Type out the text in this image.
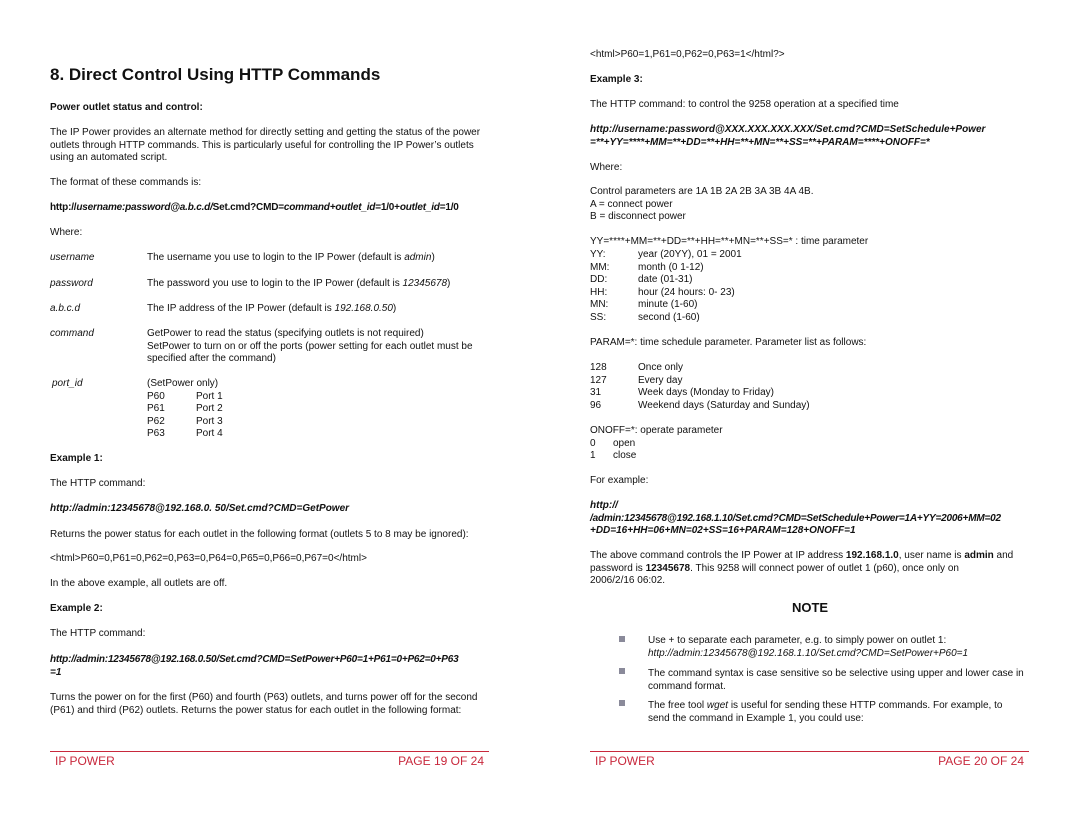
8. Direct Control Using HTTP Commands
Power outlet status and control:
The IP Power provides an alternate method for directly setting and getting the status of the power
outlets through HTTP commands. This is particularly useful for controlling the IP Power’s outlets
using an automated script.
The format of these commands is:
http://username:password@a.b.c.d/Set.cmd?CMD=command+outlet_id=1/0+outlet_id=1/0
Where:
username	The username you use to login to the IP Power (default is admin)
password	The password you use to login to the IP Power (default is 12345678)
a.b.c.d	The IP address of the IP Power (default is 192.168.0.50)
command	GetPower to read the status (specifying outlets is not required)
SetPower to turn on or off the ports (power setting for each outlet must be
specified after the command)
port_id	(SetPower only)
P60	Port 1
P61	Port 2
P62	Port 3
P63	Port 4
Example 1:
The HTTP command:
http://admin:12345678@192.168.0. 50/Set.cmd?CMD=GetPower
Returns the power status for each outlet in the following format (outlets 5 to 8 may be ignored):
<html>P60=0,P61=0,P62=0,P63=0,P64=0,P65=0,P66=0,P67=0</html>
In the above example, all outlets are off.
Example 2:
The HTTP command:
http://admin:12345678@192.168.0.50/Set.cmd?CMD=SetPower+P60=1+P61=0+P62=0+P63
=1
Turns the power on for the first (P60) and fourth (P63) outlets, and turns power off for the second
(P61) and third (P62) outlets. Returns the power status for each outlet in the following format:
IP POWER	PAGE 19 OF 24
<html>P60=1,P61=0,P62=0,P63=1</html?>
Example 3:
The HTTP command: to control the 9258 operation at a specified time
http://username:password@XXX.XXX.XXX.XXX/Set.cmd?CMD=SetSchedule+Power
=**+YY=****+MM=**+DD=**+HH=**+MN=**+SS=**+PARAM=****+ONOFF=*
Where:
Control parameters are 1A 1B 2A 2B 3A 3B 4A 4B.
A = connect power
B = disconnect power
YY=****+MM=**+DD=**+HH=**+MN=**+SS=* : time parameter
YY:	year (20YY), 01 = 2001
MM:	month (0 1-12)
DD:	date (01-31)
HH:	hour (24 hours: 0- 23)
MN:	minute (1-60)
SS:	second (1-60)
PARAM=*: time schedule parameter. Parameter list as follows:
128	Once only
127	Every day
31	Week days (Monday to Friday)
96	Weekend days (Saturday and Sunday)
ONOFF=*: operate parameter
0 open
1 close
For example:
http://
/admin:12345678@192.168.1.10/Set.cmd?CMD=SetSchedule+Power=1A+YY=2006+MM=02
+DD=16+HH=06+MN=02+SS=16+PARAM=128+ONOFF=1
The above command controls the IP Power at IP address 192.168.1.0, user name is admin and
password is 12345678. This 9258 will connect power of outlet 1 (p60), once only on
2006/2/16 06:02.
NOTE
Use + to separate each parameter, e.g. to simply power on outlet 1:
http://admin:12345678@192.168.1.10/Set.cmd?CMD=SetPower+P60=1
The command syntax is case sensitive so be selective using upper and lower case in
command format.
The free tool wget is useful for sending these HTTP commands. For example, to
send the command in Example 1, you could use:
IP POWER	PAGE 20 OF 24
